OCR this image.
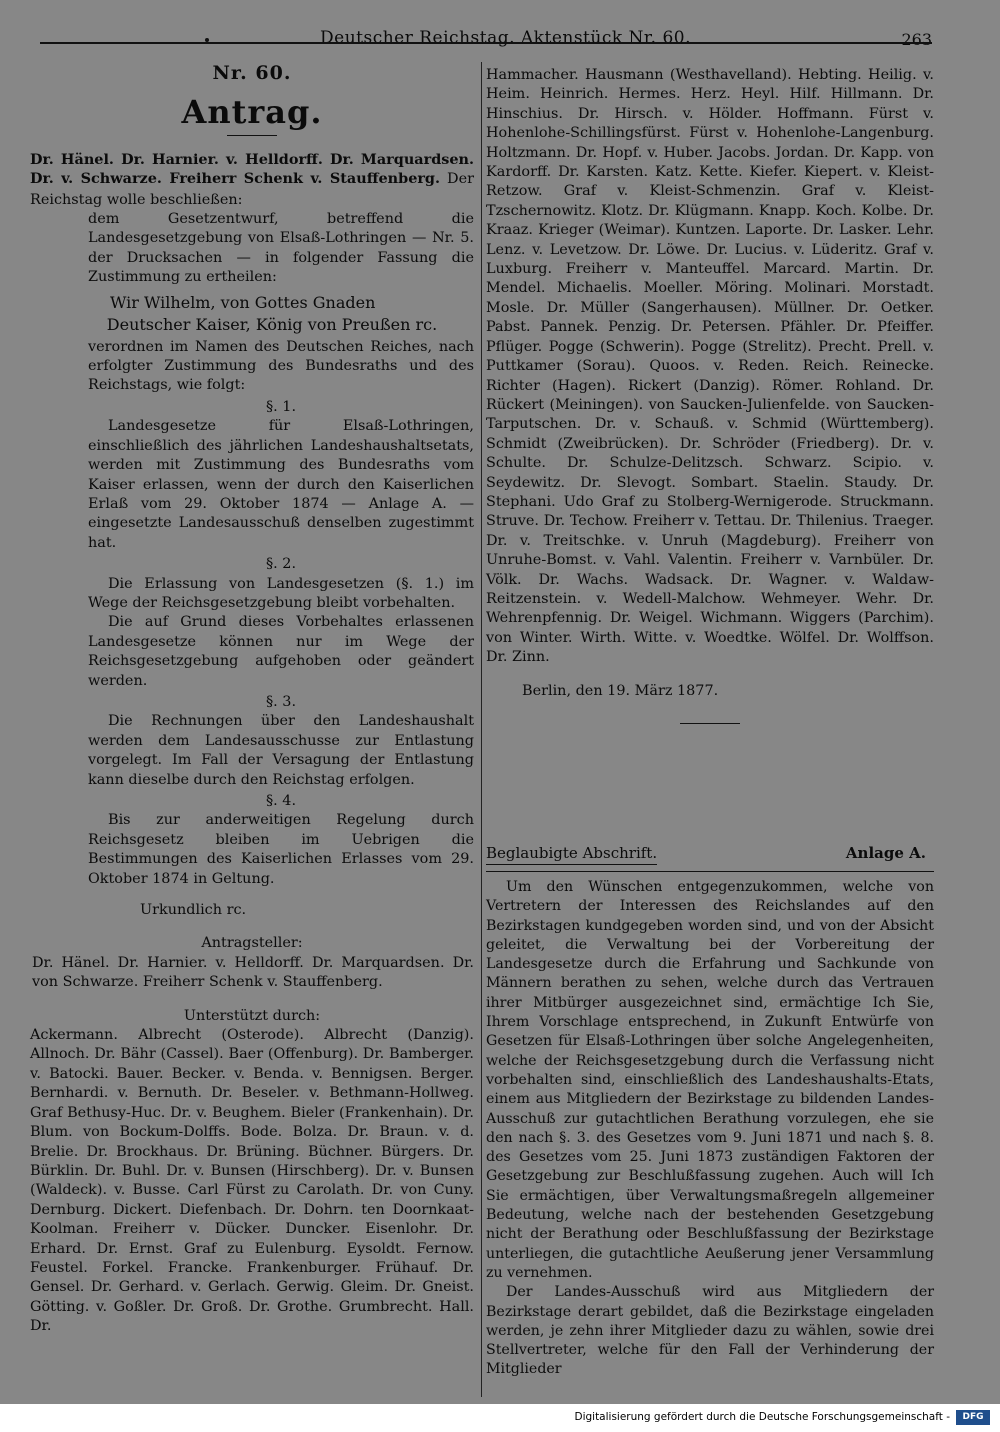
Deutscher Reichstag. Aktenstück Nr. 60.	263
Nr. 60.
Antrag.
Dr. Hänel. Dr. Harnier. v. Helldorff. Dr. Marquardsen. Dr. v. Schwarze. Freiherr Schenk v. Stauffenberg. Der Reichstag wolle beschließen:
dem Gesetzentwurf, betreffend die Landesgesetzgebung von Elsaß-Lothringen — Nr. 5. der Drucksachen — in folgender Fassung die Zustimmung zu ertheilen:
Wir Wilhelm, von Gottes Gnaden
Deutscher Kaiser, König von Preußen rc.
verordnen im Namen des Deutschen Reiches, nach erfolgter Zustimmung des Bundesraths und des Reichstags, wie folgt:
§. 1.
Landesgesetze für Elsaß-Lothringen, einschließlich des jährlichen Landeshaushaltsetats, werden mit Zustimmung des Bundesraths vom Kaiser erlassen, wenn der durch den Kaiserlichen Erlaß vom 29. Oktober 1874 — Anlage A. — eingesetzte Landesausschuß denselben zugestimmt hat.
§. 2.
Die Erlassung von Landesgesetzen (§. 1.) im Wege der Reichsgesetzgebung bleibt vorbehalten.
Die auf Grund dieses Vorbehaltes erlassenen Landesgesetze können nur im Wege der Reichsgesetzgebung aufgehoben oder geändert werden.
§. 3.
Die Rechnungen über den Landeshaushalt werden dem Landesausschusse zur Entlastung vorgelegt. Im Fall der Versagung der Entlastung kann dieselbe durch den Reichstag erfolgen.
§. 4.
Bis zur anderweitigen Regelung durch Reichsgesetz bleiben im Uebrigen die Bestimmungen des Kaiserlichen Erlasses vom 29. Oktober 1874 in Geltung.
Urkundlich rc.
Antragsteller:
Dr. Hänel. Dr. Harnier. v. Helldorff. Dr. Marquardsen. Dr. von Schwarze. Freiherr Schenk v. Stauffenberg.
Unterstützt durch:
Ackermann. Albrecht (Osterode). Albrecht (Danzig). Allnoch. Dr. Bähr (Cassel). Baer (Offenburg). Dr. Bamberger. v. Batocki. Bauer. Becker. v. Benda. v. Bennigsen. Berger. Bernhardi. v. Bernuth. Dr. Beseler. v. Bethmann-Hollweg. Graf Bethusy-Huc. Dr. v. Beughem. Bieler (Frankenhain). Dr. Blum. von Bockum-Dolffs. Bode. Bolza. Dr. Braun. v. d. Brelie. Dr. Brockhaus. Dr. Brüning. Büchner. Bürgers. Dr. Bürklin. Dr. Buhl. Dr. v. Bunsen (Hirschberg). Dr. v. Bunsen (Waldeck). v. Busse. Carl Fürst zu Carolath. Dr. von Cuny. Dernburg. Dickert. Diefenbach. Dr. Dohrn. ten Doornkaat-Koolman. Freiherr v. Dücker. Duncker. Eisenlohr. Dr. Erhard. Dr. Ernst. Graf zu Eulenburg. Eysoldt. Fernow. Feustel. Forkel. Francke. Frankenburger. Frühauf. Dr. Gensel. Dr. Gerhard. v. Gerlach. Gerwig. Gleim. Dr. Gneist. Götting. v. Goßler. Dr. Groß. Dr. Grothe. Grumbrecht. Hall. Dr.
Hammacher. Hausmann (Westhavelland). Hebting. Heilig. v. Heim. Heinrich. Hermes. Herz. Heyl. Hilf. Hillmann. Dr. Hinschius. Dr. Hirsch. v. Hölder. Hoffmann. Fürst v. Hohenlohe-Schillingsfürst. Fürst v. Hohenlohe-Langenburg. Holtzmann. Dr. Hopf. v. Huber. Jacobs. Jordan. Dr. Kapp. von Kardorff. Dr. Karsten. Katz. Kette. Kiefer. Kiepert. v. Kleist-Retzow. Graf v. Kleist-Schmenzin. Graf v. Kleist-Tzschernowitz. Klotz. Dr. Klügmann. Knapp. Koch. Kolbe. Dr. Kraaz. Krieger (Weimar). Kuntzen. Laporte. Dr. Lasker. Lehr. Lenz. v. Levetzow. Dr. Löwe. Dr. Lucius. v. Lüderitz. Graf v. Luxburg. Freiherr v. Manteuffel. Marcard. Martin. Dr. Mendel. Michaelis. Moeller. Möring. Molinari. Morstadt. Mosle. Dr. Müller (Sangerhausen). Müllner. Dr. Oetker. Pabst. Pannek. Penzig. Dr. Petersen. Pfähler. Dr. Pfeiffer. Pflüger. Pogge (Schwerin). Pogge (Strelitz). Precht. Prell. v. Puttkamer (Sorau). Quoos. v. Reden. Reich. Reinecke. Richter (Hagen). Rickert (Danzig). Römer. Rohland. Dr. Rückert (Meiningen). von Saucken-Julienfelde. von Saucken-Tarputschen. Dr. v. Schauß. v. Schmid (Württemberg). Schmidt (Zweibrücken). Dr. Schröder (Friedberg). Dr. v. Schulte. Dr. Schulze-Delitzsch. Schwarz. Scipio. v. Seydewitz. Dr. Slevogt. Sombart. Staelin. Staudy. Dr. Stephani. Udo Graf zu Stolberg-Wernigerode. Struckmann. Struve. Dr. Techow. Freiherr v. Tettau. Dr. Thilenius. Traeger. Dr. v. Treitschke. v. Unruh (Magdeburg). Freiherr von Unruhe-Bomst. v. Vahl. Valentin. Freiherr v. Varnbüler. Dr. Völk. Dr. Wachs. Wadsack. Dr. Wagner. v. Waldaw-Reitzenstein. v. Wedell-Malchow. Wehmeyer. Wehr. Dr. Wehrenpfennig. Dr. Weigel. Wichmann. Wiggers (Parchim). von Winter. Wirth. Witte. v. Woedtke. Wölfel. Dr. Wolffson. Dr. Zinn.
Berlin, den 19. März 1877.
Beglaubigte Abschrift.	Anlage A.
Um den Wünschen entgegenzukommen, welche von Vertretern der Interessen des Reichslandes auf den Bezirkstagen kundgegeben worden sind, und von der Absicht geleitet, die Verwaltung bei der Vorbereitung der Landesgesetze durch die Erfahrung und Sachkunde von Männern berathen zu sehen, welche durch das Vertrauen ihrer Mitbürger ausgezeichnet sind, ermächtige Ich Sie, Ihrem Vorschlage entsprechend, in Zukunft Entwürfe von Gesetzen für Elsaß-Lothringen über solche Angelegenheiten, welche der Reichsgesetzgebung durch die Verfassung nicht vorbehalten sind, einschließlich des Landeshaushalts-Etats, einem aus Mitgliedern der Bezirkstage zu bildenden Landes-Ausschuß zur gutachtlichen Berathung vorzulegen, ehe sie den nach §. 3. des Gesetzes vom 9. Juni 1871 und nach §. 8. des Gesetzes vom 25. Juni 1873 zuständigen Faktoren der Gesetzgebung zur Beschlußfassung zugehen. Auch will Ich Sie ermächtigen, über Verwaltungsmaßregeln allgemeiner Bedeutung, welche nach der bestehenden Gesetzgebung nicht der Berathung oder Beschlußfassung der Bezirkstage unterliegen, die gutachtliche Aeußerung jener Versammlung zu vernehmen.
Der Landes-Ausschuß wird aus Mitgliedern der Bezirkstage derart gebildet, daß die Bezirkstage eingeladen werden, je zehn ihrer Mitglieder dazu zu wählen, sowie drei Stellvertreter, welche für den Fall der Verhinderung der Mitglieder
Digitalisierung gefördert durch die Deutsche Forschungsgemeinschaft -	DFG
